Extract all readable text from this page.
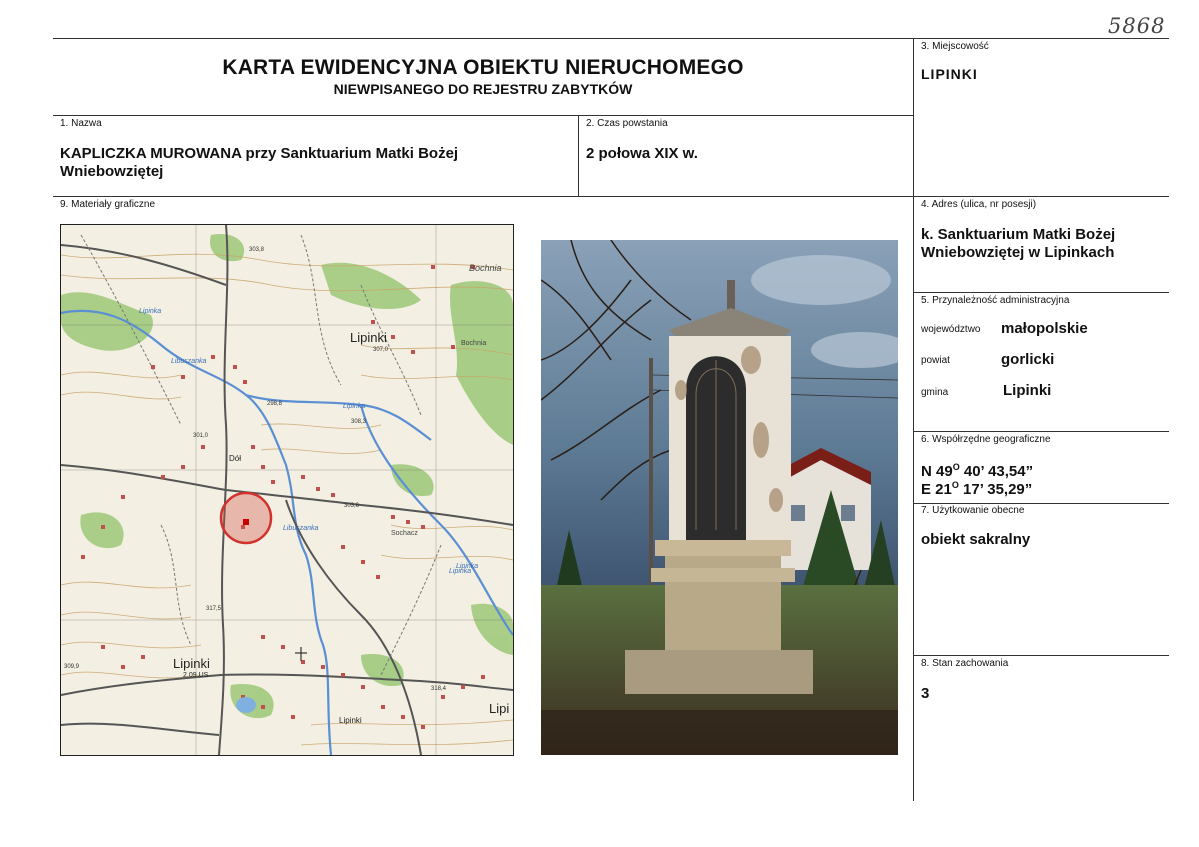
5868
KARTA EWIDENCYJNA OBIEKTU NIERUCHOMEGO
NIEWPISANEGO DO REJESTRU ZABYTKÓW
1. Nazwa
KAPLICZKA MUROWANA przy Sanktuarium Matki Bożej
Wniebowziętej
2. Czas powstania
2 połowa XIX w.
3. Miejscowość
LIPINKI
4. Adres (ulica, nr posesji)
k. Sanktuarium Matki Bożej
Wniebowziętej w Lipinkach
5. Przynależność administracyjna
województwo małopolskie
powiat	gorlicki
gmina	Lipinki
6. Współrzędne geograficzne
N $49^O$ 40’ 43,54”
E $21^O$ 17’ 35,29”
7. Użytkowanie obecne
obiekt sakralny
8. Stan zachowania
3
9. Materiały graficzne
Lipinki
Lipinki
Bochnia
Sochacz
Lipinka
Libuszanka
Lipinka
Libuszanka
Lipinka
Dół
Lipinki
Lipi
2.09 US
Bochnia
Lipinka
303,8
307,0
308,3
298,8
301,0
303,6
317,5
318,4
309,9
